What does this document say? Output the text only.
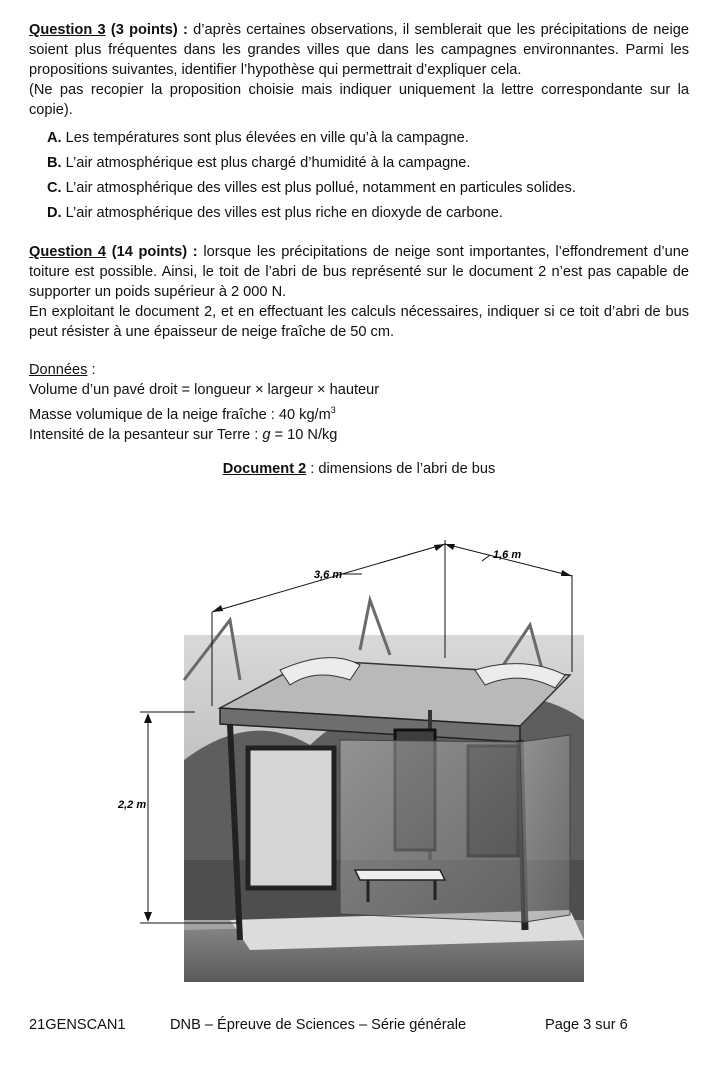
Question 3 (3 points) : d’après certaines observations, il semblerait que les précipitations de neige soient plus fréquentes dans les grandes villes que dans les campagnes environnantes. Parmi les propositions suivantes, identifier l’hypothèse qui permettrait d’expliquer cela.

(Ne pas recopier la proposition choisie mais indiquer uniquement la lettre correspondante sur la copie).

A. Les températures sont plus élevées en ville qu’à la campagne.

B. L’air atmosphérique est plus chargé d’humidité à la campagne.

C. L’air atmosphérique des villes est plus pollué, notamment en particules solides.

D. L’air atmosphérique des villes est plus riche en dioxyde de carbone.

Question 4 (14 points) : lorsque les précipitations de neige sont importantes, l’effondrement d’une toiture est possible. Ainsi, le toit de l’abri de bus représenté sur le document 2 n’est pas capable de supporter un poids supérieur à 2 000 N.

En exploitant le document 2, et en effectuant les calculs nécessaires, indiquer si ce toit d’abri de bus peut résister à une épaisseur de neige fraîche de 50 cm.

Données :

Volume d’un pavé droit = longueur × largeur × hauteur

Masse volumique de la neige fraîche : 40 $kg/m^3$

Intensité de la pesanteur sur Terre : g = 10 N/kg

Document 2 : dimensions de l’abri de bus

3,6 m
1,6 m
2,2 m
21GENSCAN1	DNB – Épreuve de Sciences – Série générale	Page 3 sur 6
